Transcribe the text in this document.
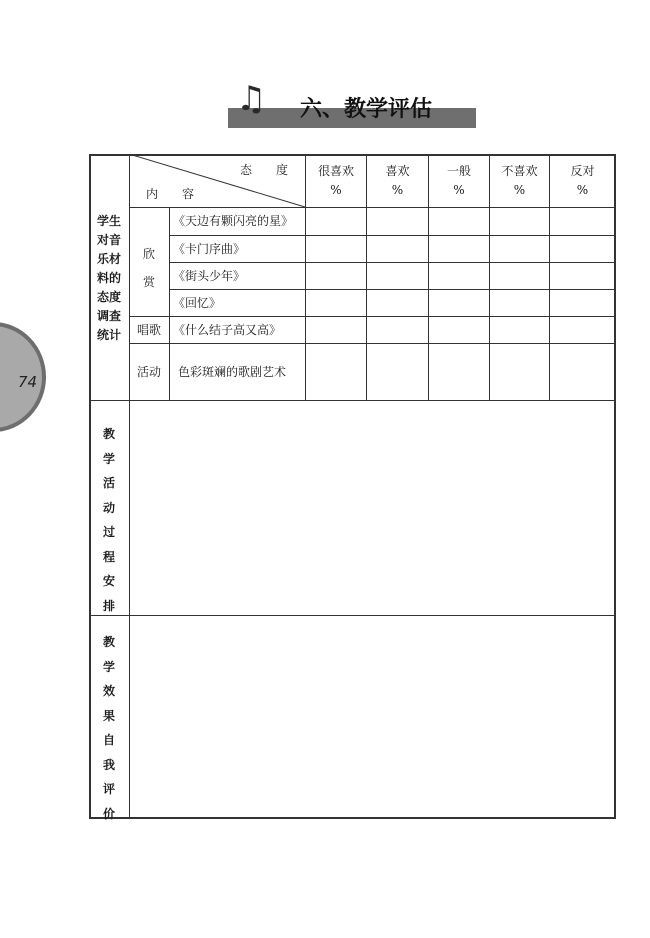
74
♫ 六、教学评估
态　　度
内　　容
很喜欢
%
喜欢
%
一般
%
不喜欢
%
反对
%
学生
对音
乐材
料的
态度
调查
统计
欣
赏
唱歌
活动
《天边有颗闪亮的星》
《卡门序曲》
《街头少年》
《回忆》
《什么结子高又高》
色彩斑斓的歌剧艺术
教
学
活
动
过
程
安
排
教
学
效
果
自
我
评
价
